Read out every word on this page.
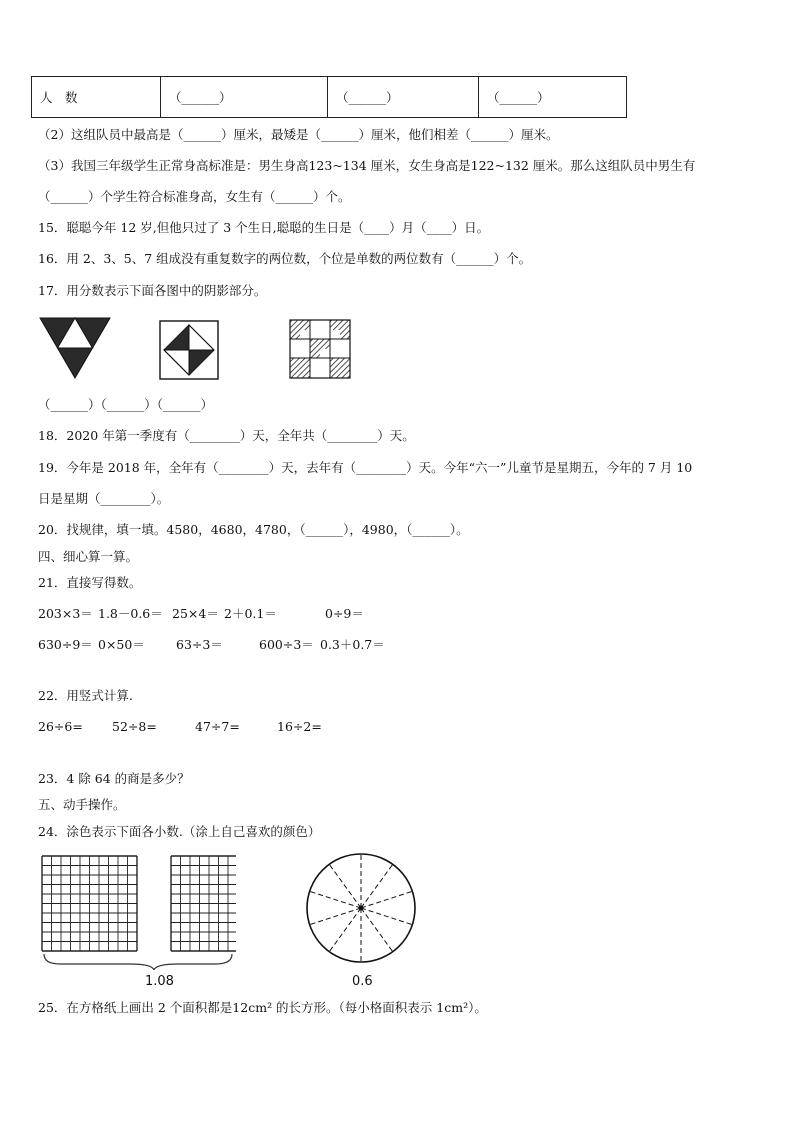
人　数	（______）	（______）	（______）
（2）这组队员中最高是（______）厘米，最矮是（______）厘米，他们相差（______）厘米。
（3）我国三年级学生正常身高标准是：男生身高123~134 厘米，女生身高是122~132 厘米。那么这组队员中男生有
（______）个学生符合标准身高，女生有（______）个。
15．聪聪今年 12 岁,但他只过了 3 个生日,聪聪的生日是（____）月（____）日。
16．用 2、3、5、7 组成没有重复数字的两位数，个位是单数的两位数有（______）个。
17．用分数表示下面各图中的阴影部分。
（______）（______）（______）
18．2020 年第一季度有（________）天，全年共（________）天。
19．今年是 2018 年，全年有（________）天，去年有（________）天。今年“六一”儿童节是星期五，今年的 7 月 10
日是星期（________）。
20．找规律，填一填。4580，4680，4780，（______），4980，（______）。
四、细心算一算。
21．直接写得数。
203×3＝ 1.8－0.6＝ 25×4＝ 2＋0.1＝	0÷9＝
630÷9＝ 0×50＝ 63÷3＝	600÷3＝ 0.3＋0.7＝
22．用竖式计算.
26÷6= 52÷8=	47÷7=	16÷2=
23．4 除 64 的商是多少？
五、动手操作。
24．涂色表示下面各小数.（涂上自己喜欢的颜色）
1.08	0.6
25．在方格纸上画出 2 个面积都是12cm² 的长方形。（每小格面积表示 1cm²）。
